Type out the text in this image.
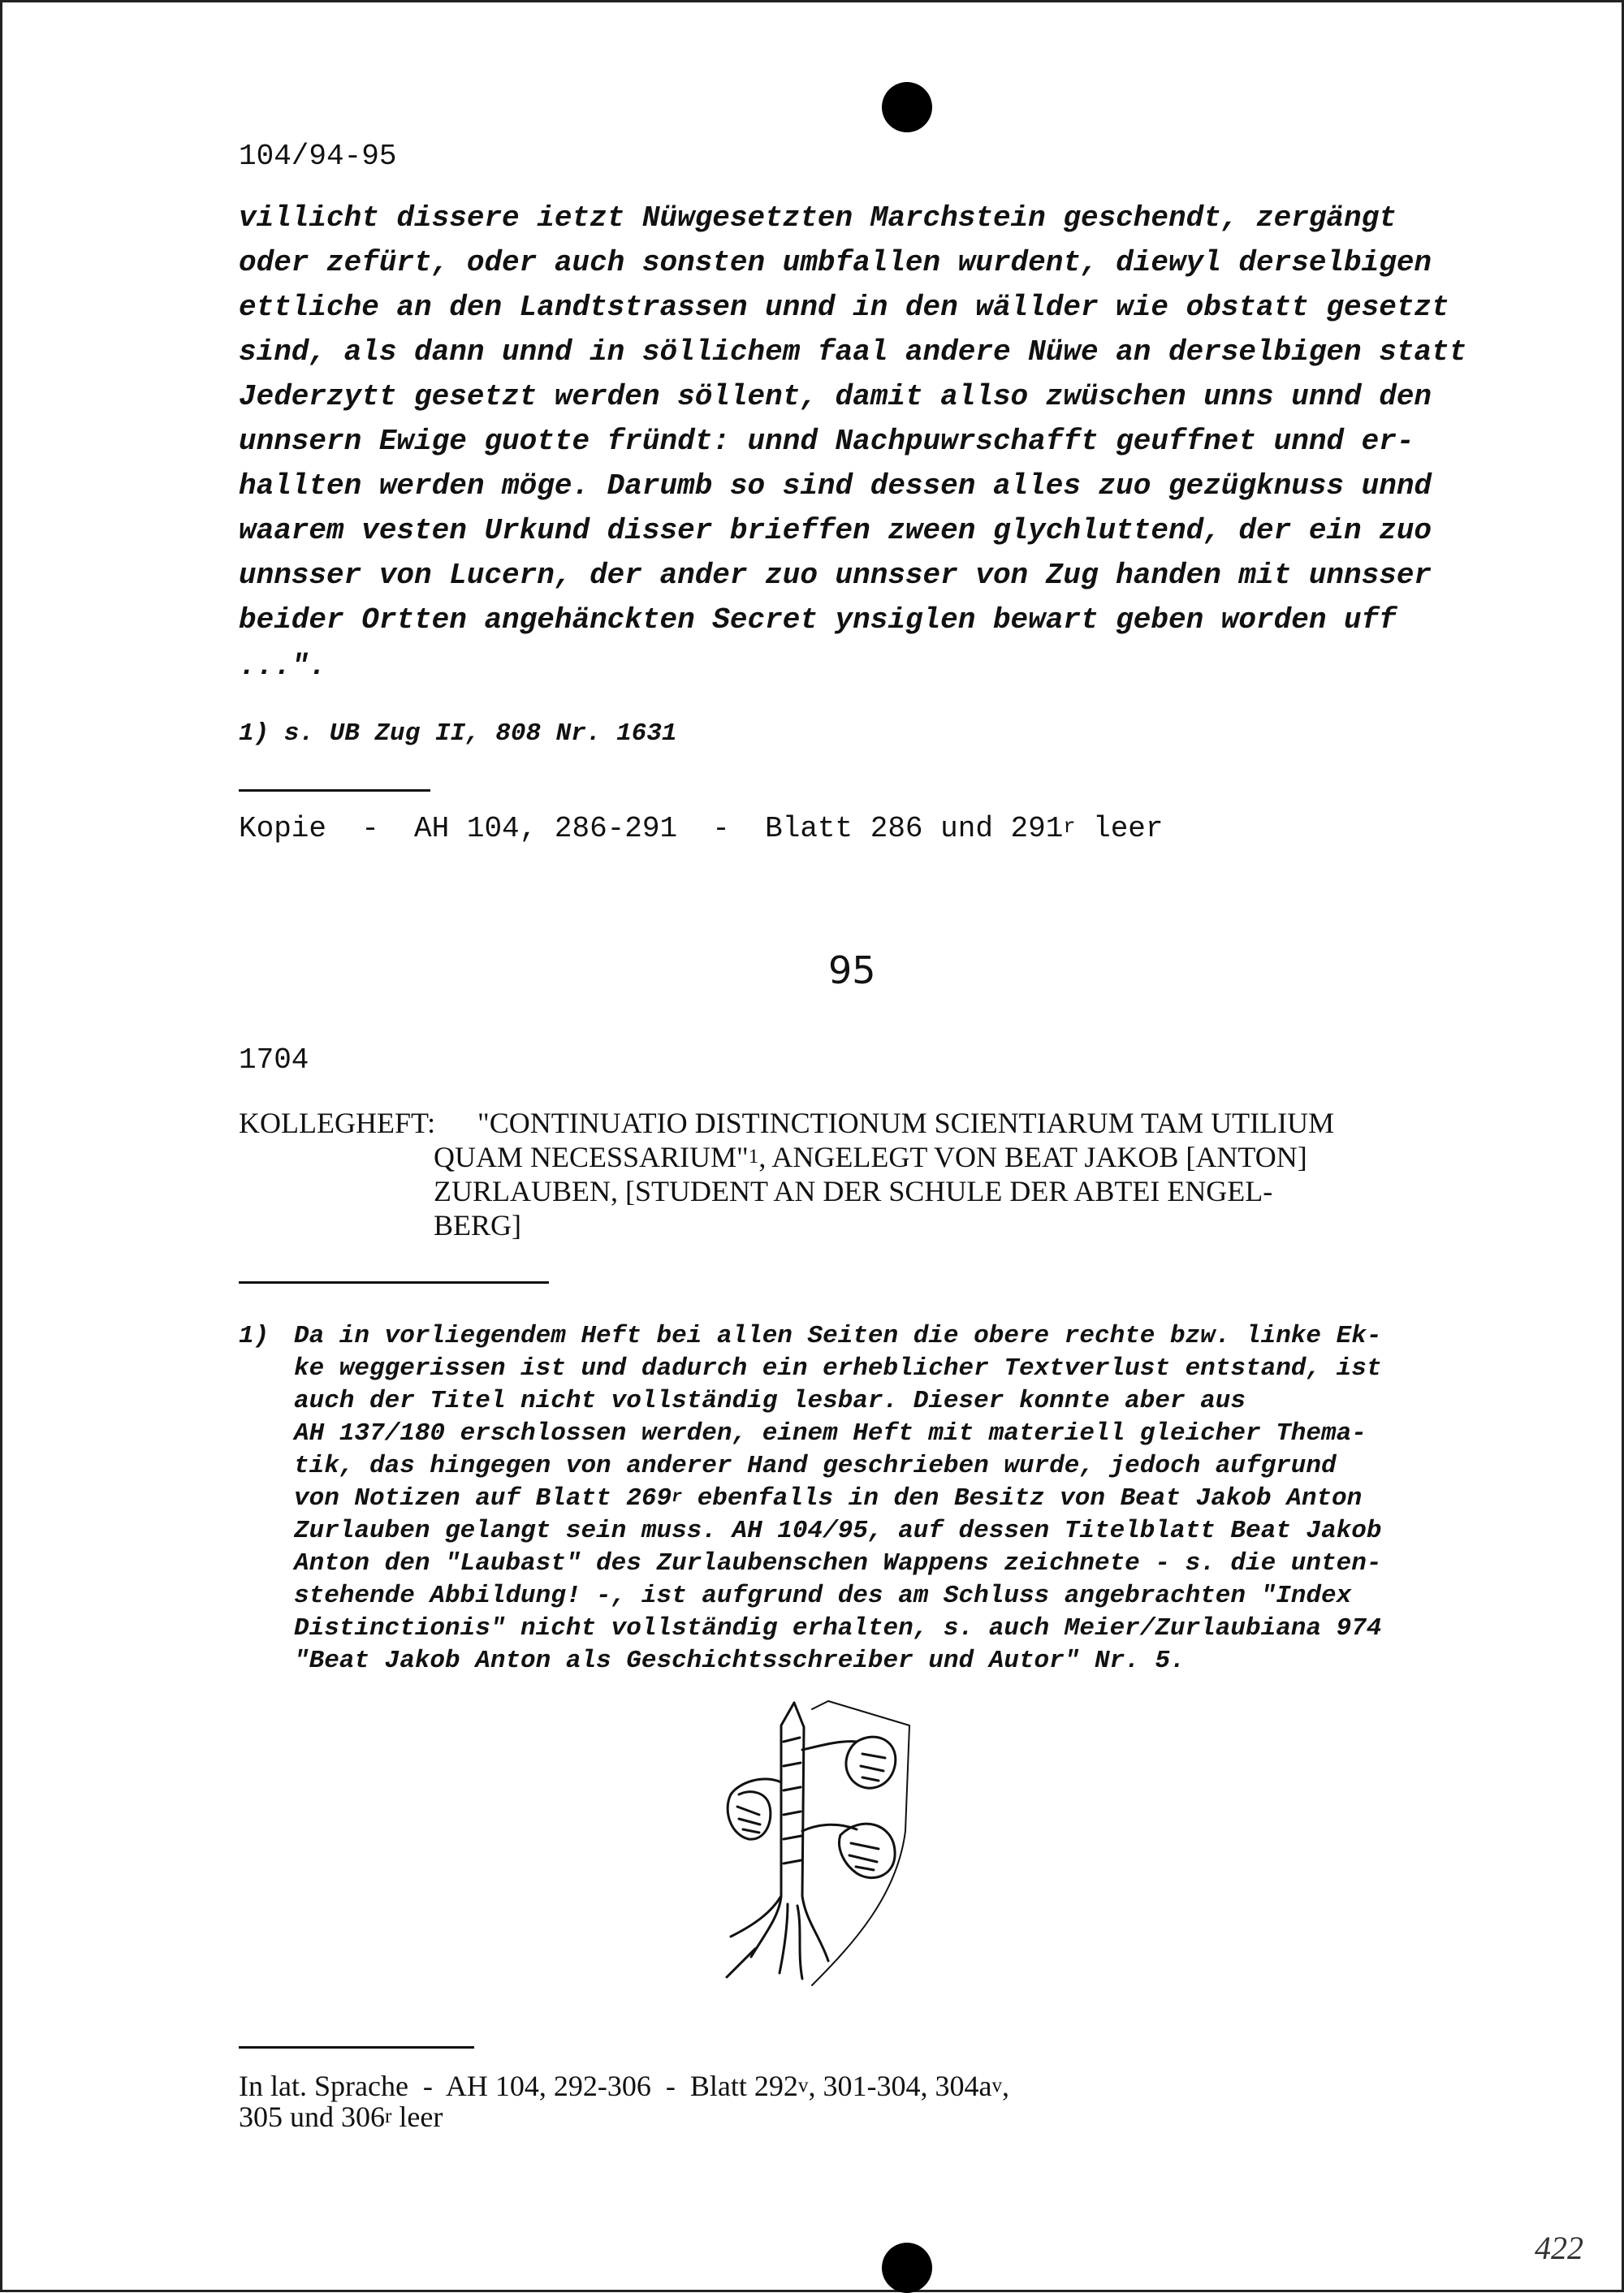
104/94-95
villicht dissere ietzt Nüwgesetzten Marchstein geschendt, zergängt
oder zefürt, oder auch sonsten umbfallen wurdent, diewyl derselbigen
ettliche an den Landtstrassen unnd in den wällder wie obstatt gesetzt
sind, als dann unnd in söllichem faal andere Nüwe an derselbigen statt
Jederzytt gesetzt werden söllent, damit allso zwüschen unns unnd den
unnsern Ewige guotte fründt: unnd Nachpuwrschafft geuffnet unnd er-
hallten werden möge. Darumb so sind dessen alles zuo gezügknuss unnd
waarem vesten Urkund disser brieffen zween glychluttend, der ein zuo
unnsser von Lucern, der ander zuo unnsser von Zug handen mit unnsser
beider Ortten angehänckten Secret ynsiglen bewart geben worden uff
...".
1) s. UB Zug II, 808 Nr. 1631
Kopie  -  AH 104, 286-291  -  Blatt 286 und 291$^r$ leer
95
1704
KOLLEGHEFT: "CONTINUATIO DISTINCTIONUM SCIENTIARUM TAM UTILIUM
QUAM NECESSARIUM"$^1$, ANGELEGT VON BEAT JAKOB [ANTON]
ZURLAUBEN, [STUDENT AN DER SCHULE DER ABTEI ENGEL-
BERG]
1) Da in vorliegendem Heft bei allen Seiten die obere rechte bzw. linke Ek-
ke weggerissen ist und dadurch ein erheblicher Textverlust entstand, ist
auch der Titel nicht vollständig lesbar. Dieser konnte aber aus
AH 137/180 erschlossen werden, einem Heft mit materiell gleicher Thema-
tik, das hingegen von anderer Hand geschrieben wurde, jedoch aufgrund
von Notizen auf Blatt 269$^r$ ebenfalls in den Besitz von Beat Jakob Anton
Zurlauben gelangt sein muss. AH 104/95, auf dessen Titelblatt Beat Jakob
Anton den "Laubast" des Zurlaubenschen Wappens zeichnete - s. die unten-
stehende Abbildung! -, ist aufgrund des am Schluss angebrachten "Index
Distinctionis" nicht vollständig erhalten, s. auch Meier/Zurlaubiana 974
"Beat Jakob Anton als Geschichtsschreiber und Autor" Nr. 5.
In lat. Sprache  -  AH 104, 292-306  -  Blatt 292$^v$, 301-304, $304a^v$,
305 und 306$^r$ leer
422
